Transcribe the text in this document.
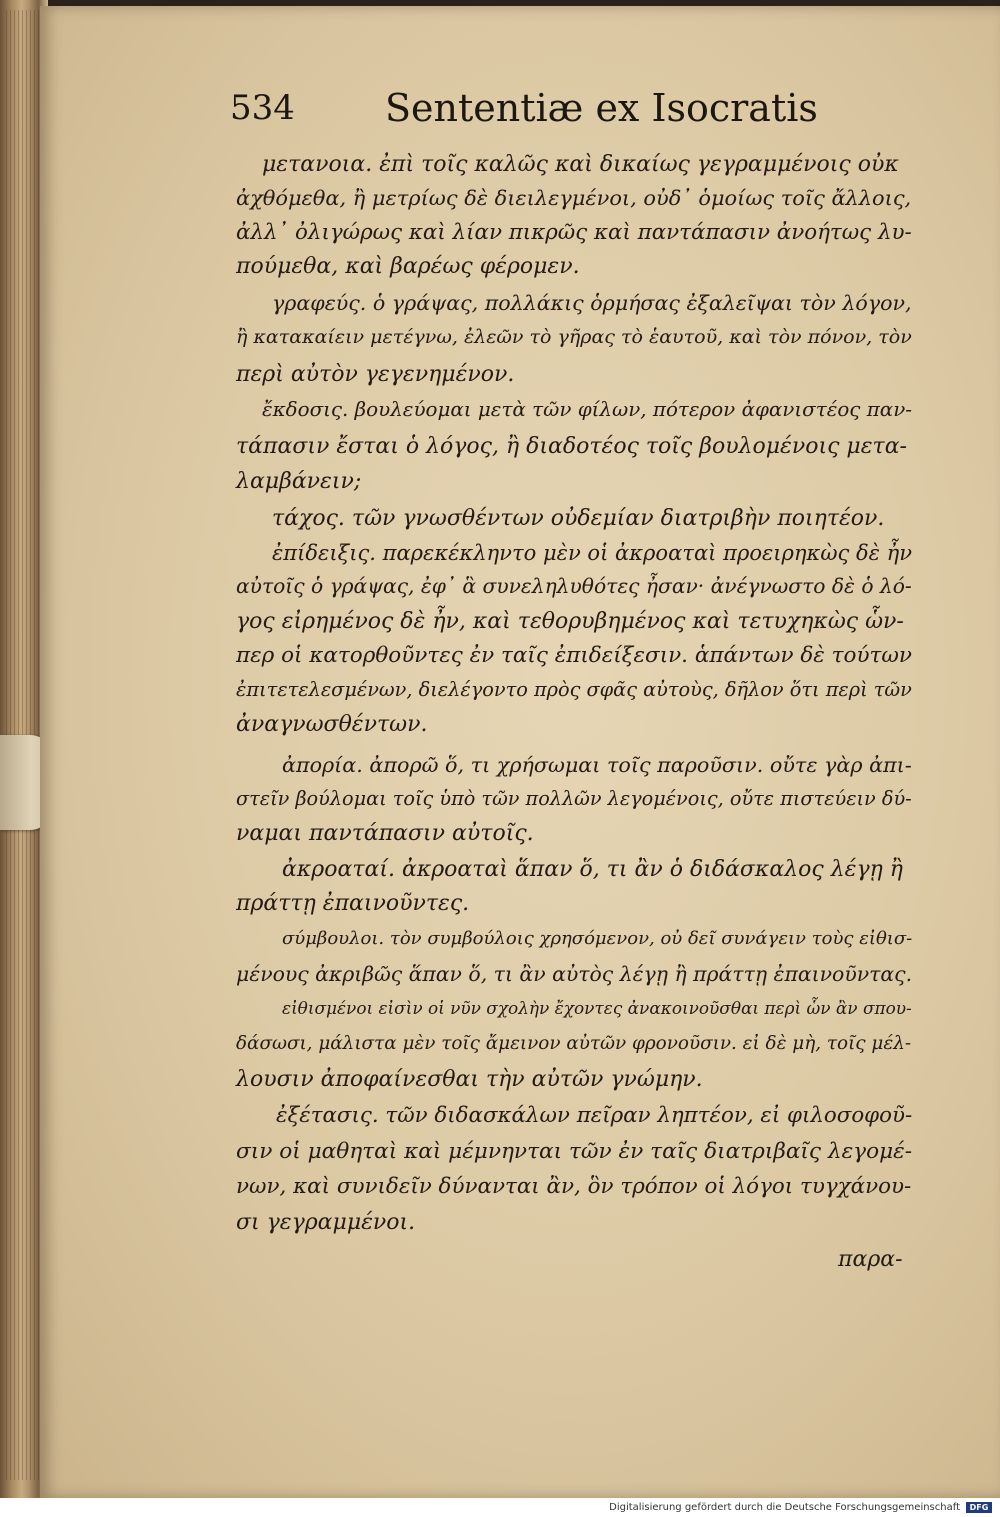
534 Sententiæ ex Isocratis
μετανοια. ἐπὶ τοῖς καλῶς καὶ δικαίως γεγραμμένοις οὐκ
ἀχθόμεθα, ἢ μετρίως δὲ διειλεγμένοι, οὐδ᾽ ὁμοίως τοῖς ἄλλοις,
ἀλλ᾽ ὀλιγώρως καὶ λίαν πικρῶς καὶ παντάπασιν ἀνοήτως λυ-
πούμεθα, καὶ βαρέως φέρομεν.
γραφεύς. ὁ γράψας, πολλάκις ὁρμήσας ἐξαλεῖψαι τὸν λόγον,
ἢ κατακαίειν μετέγνω, ἐλεῶν τὸ γῆρας τὸ ἑαυτοῦ, καὶ τὸν πόνον, τὸν
περὶ αὐτὸν γεγενημένον.
ἔκδοσις. βουλεύομαι μετὰ τῶν φίλων, πότερον ἀφανιστέος παν-
τάπασιν ἔσται ὁ λόγος, ἢ διαδοτέος τοῖς βουλομένοις μετα-
λαμβάνειν;
τάχος. τῶν γνωσθέντων οὐδεμίαν διατριβὴν ποιητέον.
ἐπίδειξις. παρεκέκληντο μὲν οἱ ἀκροαταὶ προειρηκὼς δὲ ἦν
αὐτοῖς ὁ γράψας, ἐφ᾽ ἃ συνεληλυθότες ἦσαν· ἀνέγνωστο δὲ ὁ λό-
γος εἰρημένος δὲ ἦν, καὶ τεθορυβημένος καὶ τετυχηκὼς ὧν-
περ οἱ κατορθοῦντες ἐν ταῖς ἐπιδείξεσιν. ἁπάντων δὲ τούτων
ἐπιτετελεσμένων, διελέγοντο πρὸς σφᾶς αὐτοὺς, δῆλον ὅτι περὶ τῶν
ἀναγνωσθέντων.
ἀπορία. ἀπορῶ ὅ, τι χρήσωμαι τοῖς παροῦσιν. οὔτε γὰρ ἀπι-
στεῖν βούλομαι τοῖς ὑπὸ τῶν πολλῶν λεγομένοις, οὔτε πιστεύειν δύ-
ναμαι παντάπασιν αὐτοῖς.
ἀκροαταί. ἀκροαταὶ ἅπαν ὅ, τι ἂν ὁ διδάσκαλος λέγῃ ἢ
πράττῃ ἐπαινοῦντες.
σύμβουλοι. τὸν συμβούλοις χρησόμενον, οὐ δεῖ συνάγειν τοὺς εἰθισ-
μένους ἀκριβῶς ἅπαν ὅ, τι ἂν αὐτὸς λέγῃ ἢ πράττῃ ἐπαινοῦντας.
εἰθισμένοι εἰσὶν οἱ νῦν σχολὴν ἔχοντες ἀνακοινοῦσθαι περὶ ὧν ἂν σπου-
δάσωσι, μάλιστα μὲν τοῖς ἄμεινον αὐτῶν φρονοῦσιν. εἰ δὲ μὴ, τοῖς μέλ-
λουσιν ἀποφαίνεσθαι τὴν αὐτῶν γνώμην.
ἐξέτασις. τῶν διδασκάλων πεῖραν ληπτέον, εἰ φιλοσοφοῦ-
σιν οἱ μαθηταὶ καὶ μέμνηνται τῶν ἐν ταῖς διατριβαῖς λεγομέ-
νων, καὶ συνιδεῖν δύνανται ἂν, ὃν τρόπον οἱ λόγοι τυγχάνου-
σι γεγραμμένοι.
παρα-
Digitalisierung gefördert durch die Deutsche Forschungsgemeinschaft	DFG
